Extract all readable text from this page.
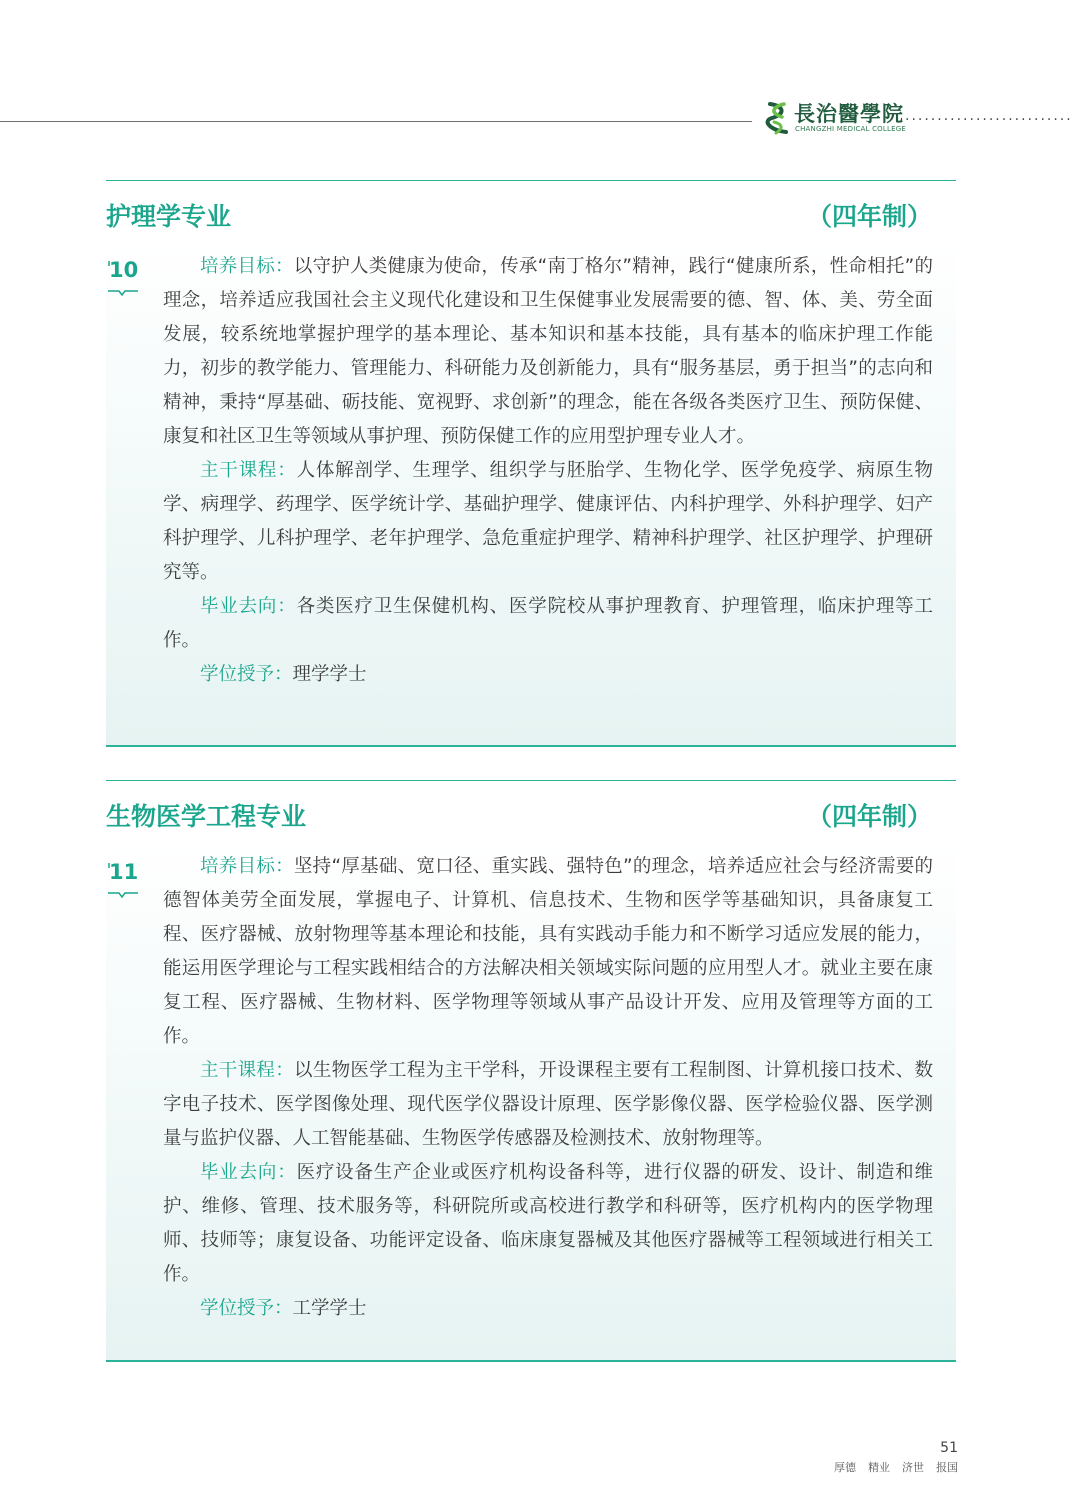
長治醫學院
CHANGZHI MEDICAL COLLEGE
..........................
护理学专业	（四年制）
10	培养目标：以守护人类健康为使命，传承“南丁格尔”精神，践行“健康所系，性命相托”的理念，培养适应我国社会主义现代化建设和卫生保健事业发展需要的德、智、体、美、劳全面发展，较系统地掌握护理学的基本理论、基本知识和基本技能，具有基本的临床护理工作能力，初步的教学能力、管理能力、科研能力及创新能力，具有“服务基层，勇于担当”的志向和精神，秉持“厚基础、砺技能、宽视野、求创新”的理念，能在各级各类医疗卫生、预防保健、康复和社区卫生等领域从事护理、预防保健工作的应用型护理专业人才。

主干课程：人体解剖学、生理学、组织学与胚胎学、生物化学、医学免疫学、病原生物学、病理学、药理学、医学统计学、基础护理学、健康评估、内科护理学、外科护理学、妇产科护理学、儿科护理学、老年护理学、急危重症护理学、精神科护理学、社区护理学、护理研究等。

毕业去向：各类医疗卫生保健机构、医学院校从事护理教育、护理管理，临床护理等工作。

学位授予：理学学士

生物医学工程专业	（四年制）
11	培养目标：坚持“厚基础、宽口径、重实践、强特色”的理念，培养适应社会与经济需要的德智体美劳全面发展，掌握电子、计算机、信息技术、生物和医学等基础知识，具备康复工程、医疗器械、放射物理等基本理论和技能，具有实践动手能力和不断学习适应发展的能力，能运用医学理论与工程实践相结合的方法解决相关领域实际问题的应用型人才。就业主要在康复工程、医疗器械、生物材料、医学物理等领域从事产品设计开发、应用及管理等方面的工作。

主干课程：以生物医学工程为主干学科，开设课程主要有工程制图、计算机接口技术、数字电子技术、医学图像处理、现代医学仪器设计原理、医学影像仪器、医学检验仪器、医学测量与监护仪器、人工智能基础、生物医学传感器及检测技术、放射物理等。

毕业去向：医疗设备生产企业或医疗机构设备科等，进行仪器的研发、设计、制造和维护、维修、管理、技术服务等，科研院所或高校进行教学和科研等，医疗机构内的医学物理师、技师等；康复设备、功能评定设备、临床康复器械及其他医疗器械等工程领域进行相关工作。

学位授予：工学学士

51
厚德 精业 济世 报国
